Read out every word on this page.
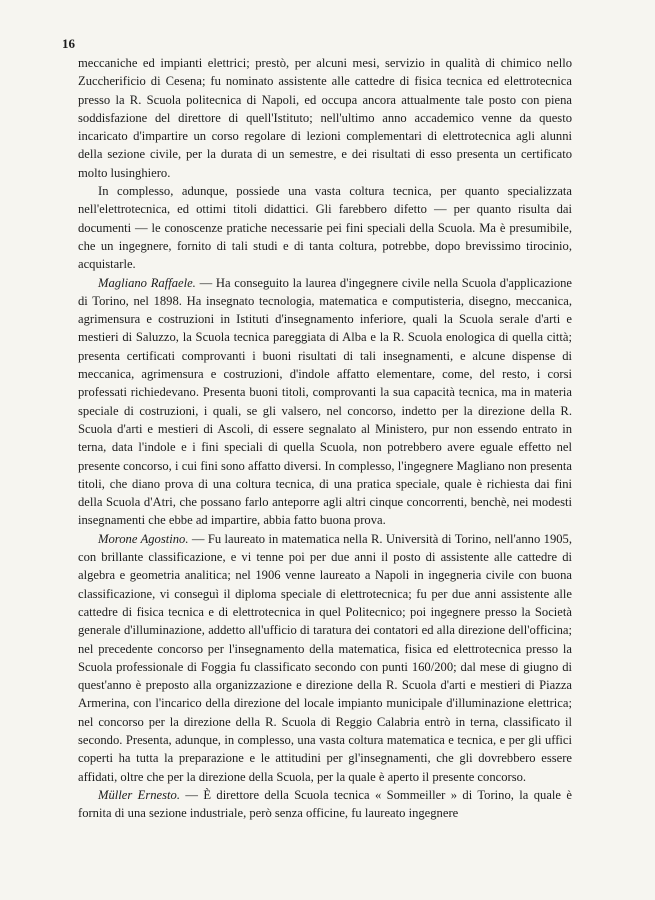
16

meccaniche ed impianti elettrici; prestò, per alcuni mesi, servizio in qualità di chimico nello Zuccherificio di Cesena; fu nominato assistente alle cattedre di fisica tecnica ed elettrotecnica presso la R. Scuola politecnica di Napoli, ed occupa ancora attualmente tale posto con piena soddisfazione del direttore di quell'Istituto; nell'ultimo anno accademico venne da questo incaricato d'impartire un corso regolare di lezioni complementari di elettrotecnica agli alunni della sezione civile, per la durata di un semestre, e dei risultati di esso presenta un certificato molto lusinghiero.

In complesso, adunque, possiede una vasta coltura tecnica, per quanto specializzata nell'elettrotecnica, ed ottimi titoli didattici. Gli farebbero difetto — per quanto risulta dai documenti — le conoscenze pratiche necessarie pei fini speciali della Scuola. Ma è presumibile, che un ingegnere, fornito di tali studi e di tanta coltura, potrebbe, dopo brevissimo tirocinio, acquistarle.

Magliano Raffaele. — Ha conseguito la laurea d'ingegnere civile nella Scuola d'applicazione di Torino, nel 1898. Ha insegnato tecnologia, matematica e computisteria, disegno, meccanica, agrimensura e costruzioni in Istituti d'insegnamento inferiore, quali la Scuola serale d'arti e mestieri di Saluzzo, la Scuola tecnica pareggiata di Alba e la R. Scuola enologica di quella città; presenta certificati comprovanti i buoni risultati di tali insegnamenti, e alcune dispense di meccanica, agrimensura e costruzioni, d'indole affatto elementare, come, del resto, i corsi professati richiedevano. Presenta buoni titoli, comprovanti la sua capacità tecnica, ma in materia speciale di costruzioni, i quali, se gli valsero, nel concorso, indetto per la direzione della R. Scuola d'arti e mestieri di Ascoli, di essere segnalato al Ministero, pur non essendo entrato in terna, data l'indole e i fini speciali di quella Scuola, non potrebbero avere eguale effetto nel presente concorso, i cui fini sono affatto diversi. In complesso, l'ingegnere Magliano non presenta titoli, che diano prova di una coltura tecnica, di una pratica speciale, quale è richiesta dai fini della Scuola d'Atri, che possano farlo anteporre agli altri cinque concorrenti, benchè, nei modesti insegnamenti che ebbe ad impartire, abbia fatto buona prova.

Morone Agostino. — Fu laureato in matematica nella R. Università di Torino, nell'anno 1905, con brillante classificazione, e vi tenne poi per due anni il posto di assistente alle cattedre di algebra e geometria analitica; nel 1906 venne laureato a Napoli in ingegneria civile con buona classificazione, vi conseguì il diploma speciale di elettrotecnica; fu per due anni assistente alle cattedre di fisica tecnica e di elettrotecnica in quel Politecnico; poi ingegnere presso la Società generale d'illuminazione, addetto all'ufficio di taratura dei contatori ed alla direzione dell'officina; nel precedente concorso per l'insegnamento della matematica, fisica ed elettrotecnica presso la Scuola professionale di Foggia fu classificato secondo con punti 160/200; dal mese di giugno di quest'anno è preposto alla organizzazione e direzione della R. Scuola d'arti e mestieri di Piazza Armerina, con l'incarico della direzione del locale impianto municipale d'illuminazione elettrica; nel concorso per la direzione della R. Scuola di Reggio Calabria entrò in terna, classificato il secondo. Presenta, adunque, in complesso, una vasta coltura matematica e tecnica, e per gli uffici coperti ha tutta la preparazione e le attitudini per gl'insegnamenti, che gli dovrebbero essere affidati, oltre che per la direzione della Scuola, per la quale è aperto il presente concorso.

Müller Ernesto. — È direttore della Scuola tecnica « Sommeiller » di Torino, la quale è fornita di una sezione industriale, però senza officine, fu laureato ingegnere
